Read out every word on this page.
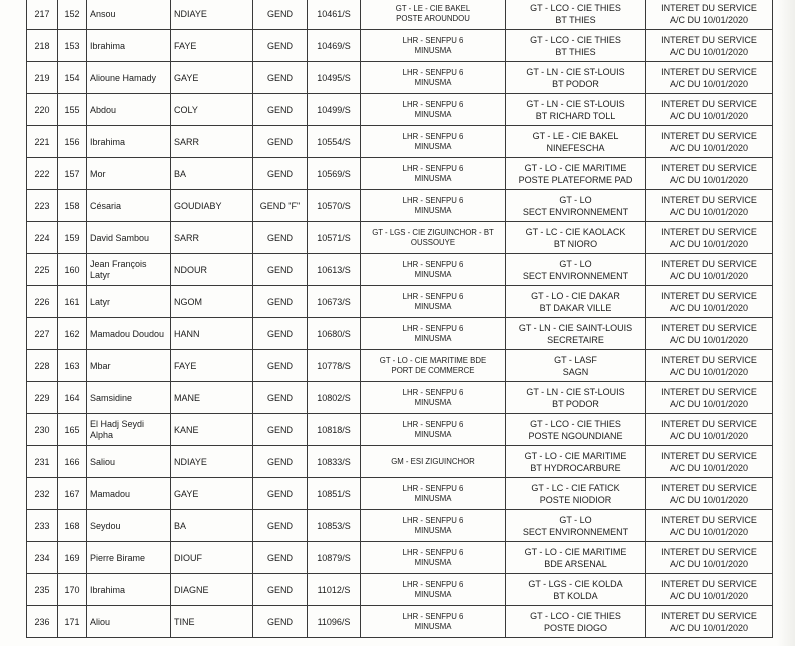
217	152	Ansou	NDIAYE	GEND	10461/S	GT - LE - CIE BAKEL
POSTE AROUNDOU	GT - LCO - CIE THIES
BT THIES	INTERET DU SERVICE
A/C DU 10/01/2020

218	153	Ibrahima	FAYE	GEND	10469/S	LHR - SENFPU 6
MINUSMA	GT - LCO - CIE THIES
BT THIES	INTERET DU SERVICE
A/C DU 10/01/2020

219	154	Alioune Hamady	GAYE	GEND	10495/S	LHR - SENFPU 6
MINUSMA	GT - LN - CIE ST-LOUIS
BT PODOR	INTERET DU SERVICE
A/C DU 10/01/2020

220	155	Abdou	COLY	GEND	10499/S	LHR - SENFPU 6
MINUSMA	GT - LN - CIE ST-LOUIS
BT RICHARD TOLL	INTERET DU SERVICE
A/C DU 10/01/2020

221	156	Ibrahima	SARR	GEND	10554/S	LHR - SENFPU 6
MINUSMA	GT - LE - CIE BAKEL
NINEFESCHA	INTERET DU SERVICE
A/C DU 10/01/2020

222	157	Mor	BA	GEND	10569/S	LHR - SENFPU 6
MINUSMA	GT - LO - CIE MARITIME
POSTE PLATEFORME PAD	INTERET DU SERVICE
A/C DU 10/01/2020

223	158	Césaria	GOUDIABY	GEND "F"	10570/S	LHR - SENFPU 6
MINUSMA	GT - LO
SECT ENVIRONNEMENT	INTERET DU SERVICE
A/C DU 10/01/2020

224	159	David Sambou	SARR	GEND	10571/S	GT - LGS - CIE ZIGUINCHOR - BT
OUSSOUYE	GT - LC - CIE KAOLACK
BT NIORO	INTERET DU SERVICE
A/C DU 10/01/2020

225	160	Jean François Latyr	NDOUR	GEND	10613/S	LHR - SENFPU 6
MINUSMA	GT - LO
SECT ENVIRONNEMENT	INTERET DU SERVICE
A/C DU 10/01/2020

226	161	Latyr	NGOM	GEND	10673/S	LHR - SENFPU 6
MINUSMA	GT - LO - CIE DAKAR
BT DAKAR VILLE	INTERET DU SERVICE
A/C DU 10/01/2020

227	162	Mamadou Doudou	HANN	GEND	10680/S	LHR - SENFPU 6
MINUSMA	GT - LN - CIE SAINT-LOUIS
SECRETAIRE	INTERET DU SERVICE
A/C DU 10/01/2020

228	163	Mbar	FAYE	GEND	10778/S	GT - LO - CIE MARITIME BDE
PORT DE COMMERCE	GT - LASF
SAGN	INTERET DU SERVICE
A/C DU 10/01/2020

229	164	Samsidine	MANE	GEND	10802/S	LHR - SENFPU 6
MINUSMA	GT - LN - CIE ST-LOUIS
BT PODOR	INTERET DU SERVICE
A/C DU 10/01/2020

230	165	El Hadj Seydi Alpha	KANE	GEND	10818/S	LHR - SENFPU 6
MINUSMA	GT - LCO - CIE THIES
POSTE NGOUNDIANE	INTERET DU SERVICE
A/C DU 10/01/2020

231	166	Saliou	NDIAYE	GEND	10833/S	GM - ESI ZIGUINCHOR	GT - LO - CIE MARITIME
BT HYDROCARBURE	INTERET DU SERVICE
A/C DU 10/01/2020

232	167	Mamadou	GAYE	GEND	10851/S	LHR - SENFPU 6
MINUSMA	GT - LC - CIE FATICK
POSTE NIODIOR	INTERET DU SERVICE
A/C DU 10/01/2020

233	168	Seydou	BA	GEND	10853/S	LHR - SENFPU 6
MINUSMA	GT - LO
SECT ENVIRONNEMENT	INTERET DU SERVICE
A/C DU 10/01/2020

234	169	Pierre Birame	DIOUF	GEND	10879/S	LHR - SENFPU 6
MINUSMA	GT - LO - CIE MARITIME
BDE ARSENAL	INTERET DU SERVICE
A/C DU 10/01/2020

235	170	Ibrahima	DIAGNE	GEND	11012/S	LHR - SENFPU 6
MINUSMA	GT - LGS - CIE KOLDA
BT KOLDA	INTERET DU SERVICE
A/C DU 10/01/2020

236	171	Aliou	TINE	GEND	11096/S	LHR - SENFPU 6
MINUSMA	GT - LCO - CIE THIES
POSTE DIOGO	INTERET DU SERVICE
A/C DU 10/01/2020
